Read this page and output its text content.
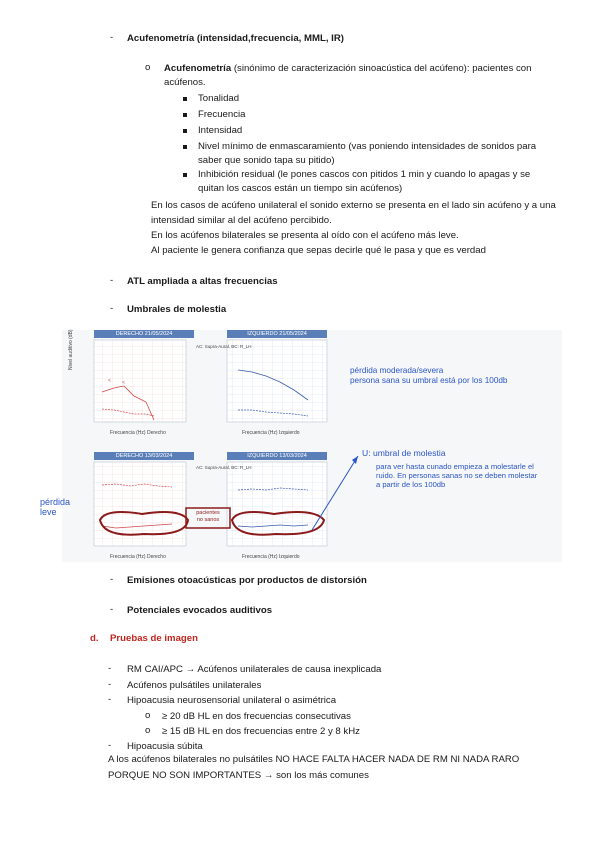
- Acufenometría (intensidad,frecuencia, MML, IR)
o Acufenometría (sinónimo de caracterización sinoacústica del acúfeno): pacientes con
acúfenos.
Tonalidad
Frecuencia
Intensidad
Nivel mínimo de enmascaramiento (vas poniendo intensidades de sonidos para
saber que sonido tapa su pitido)
Inhibición residual (le pones cascos con pitidos 1 min y cuando lo apagas y se
quitan los cascos están un tiempo sin acúfenos)
En los casos de acúfeno unilateral el sonido externo se presenta en el lado sin acúfeno y a una
intensidad similar al del acúfeno percibido.
En los acúfenos bilaterales se presenta al oído con el acúfeno más leve.
Al paciente le genera confianza que sepas decirle qué le pasa y que es verdad
- ATL ampliada a altas frecuencias
- Umbrales de molestia
< <
DERECHO 21/05/2024	IZQUIERDO 21/05/2024
DERECHO 13/03/2024	IZQUIERDO 13/03/2024
Frecuencia (Hz) Derecho	Frecuencia (Hz) Izquierdo
Frecuencia (Hz) Derecho	Frecuencia (Hz) Izquierdo
Nivel auditivo (dB)	AC: Supra-Aural, BC: R_LH
AC: Supra-Aural, BC: R_LH
pérdida moderada/severa
persona sana su umbral está por los 100db
U: umbral de molestia
para ver hasta cunado empieza a molestarle el
ruido. En personas sanas no se deben molestar
a partir de los 100db
pérdida
leve	pacientes
no sanos
- Emisiones otoacústicas por productos de distorsión
- Potenciales evocados auditivos
d. Pruebas de imagen
- RM CAI/APC → Acúfenos unilaterales de causa inexplicada
- Acúfenos pulsátiles unilaterales
- Hipoacusia neurosensorial unilateral o asimétrica
o ≥ 20 dB HL en dos frecuencias consecutivas
o ≥ 15 dB HL en dos frecuencias entre 2 y 8 kHz
- Hipoacusia súbita
A los acúfenos bilaterales no pulsátiles NO HACE FALTA HACER NADA DE RM NI NADA RARO
PORQUE NO SON IMPORTANTES → son los más comunes
